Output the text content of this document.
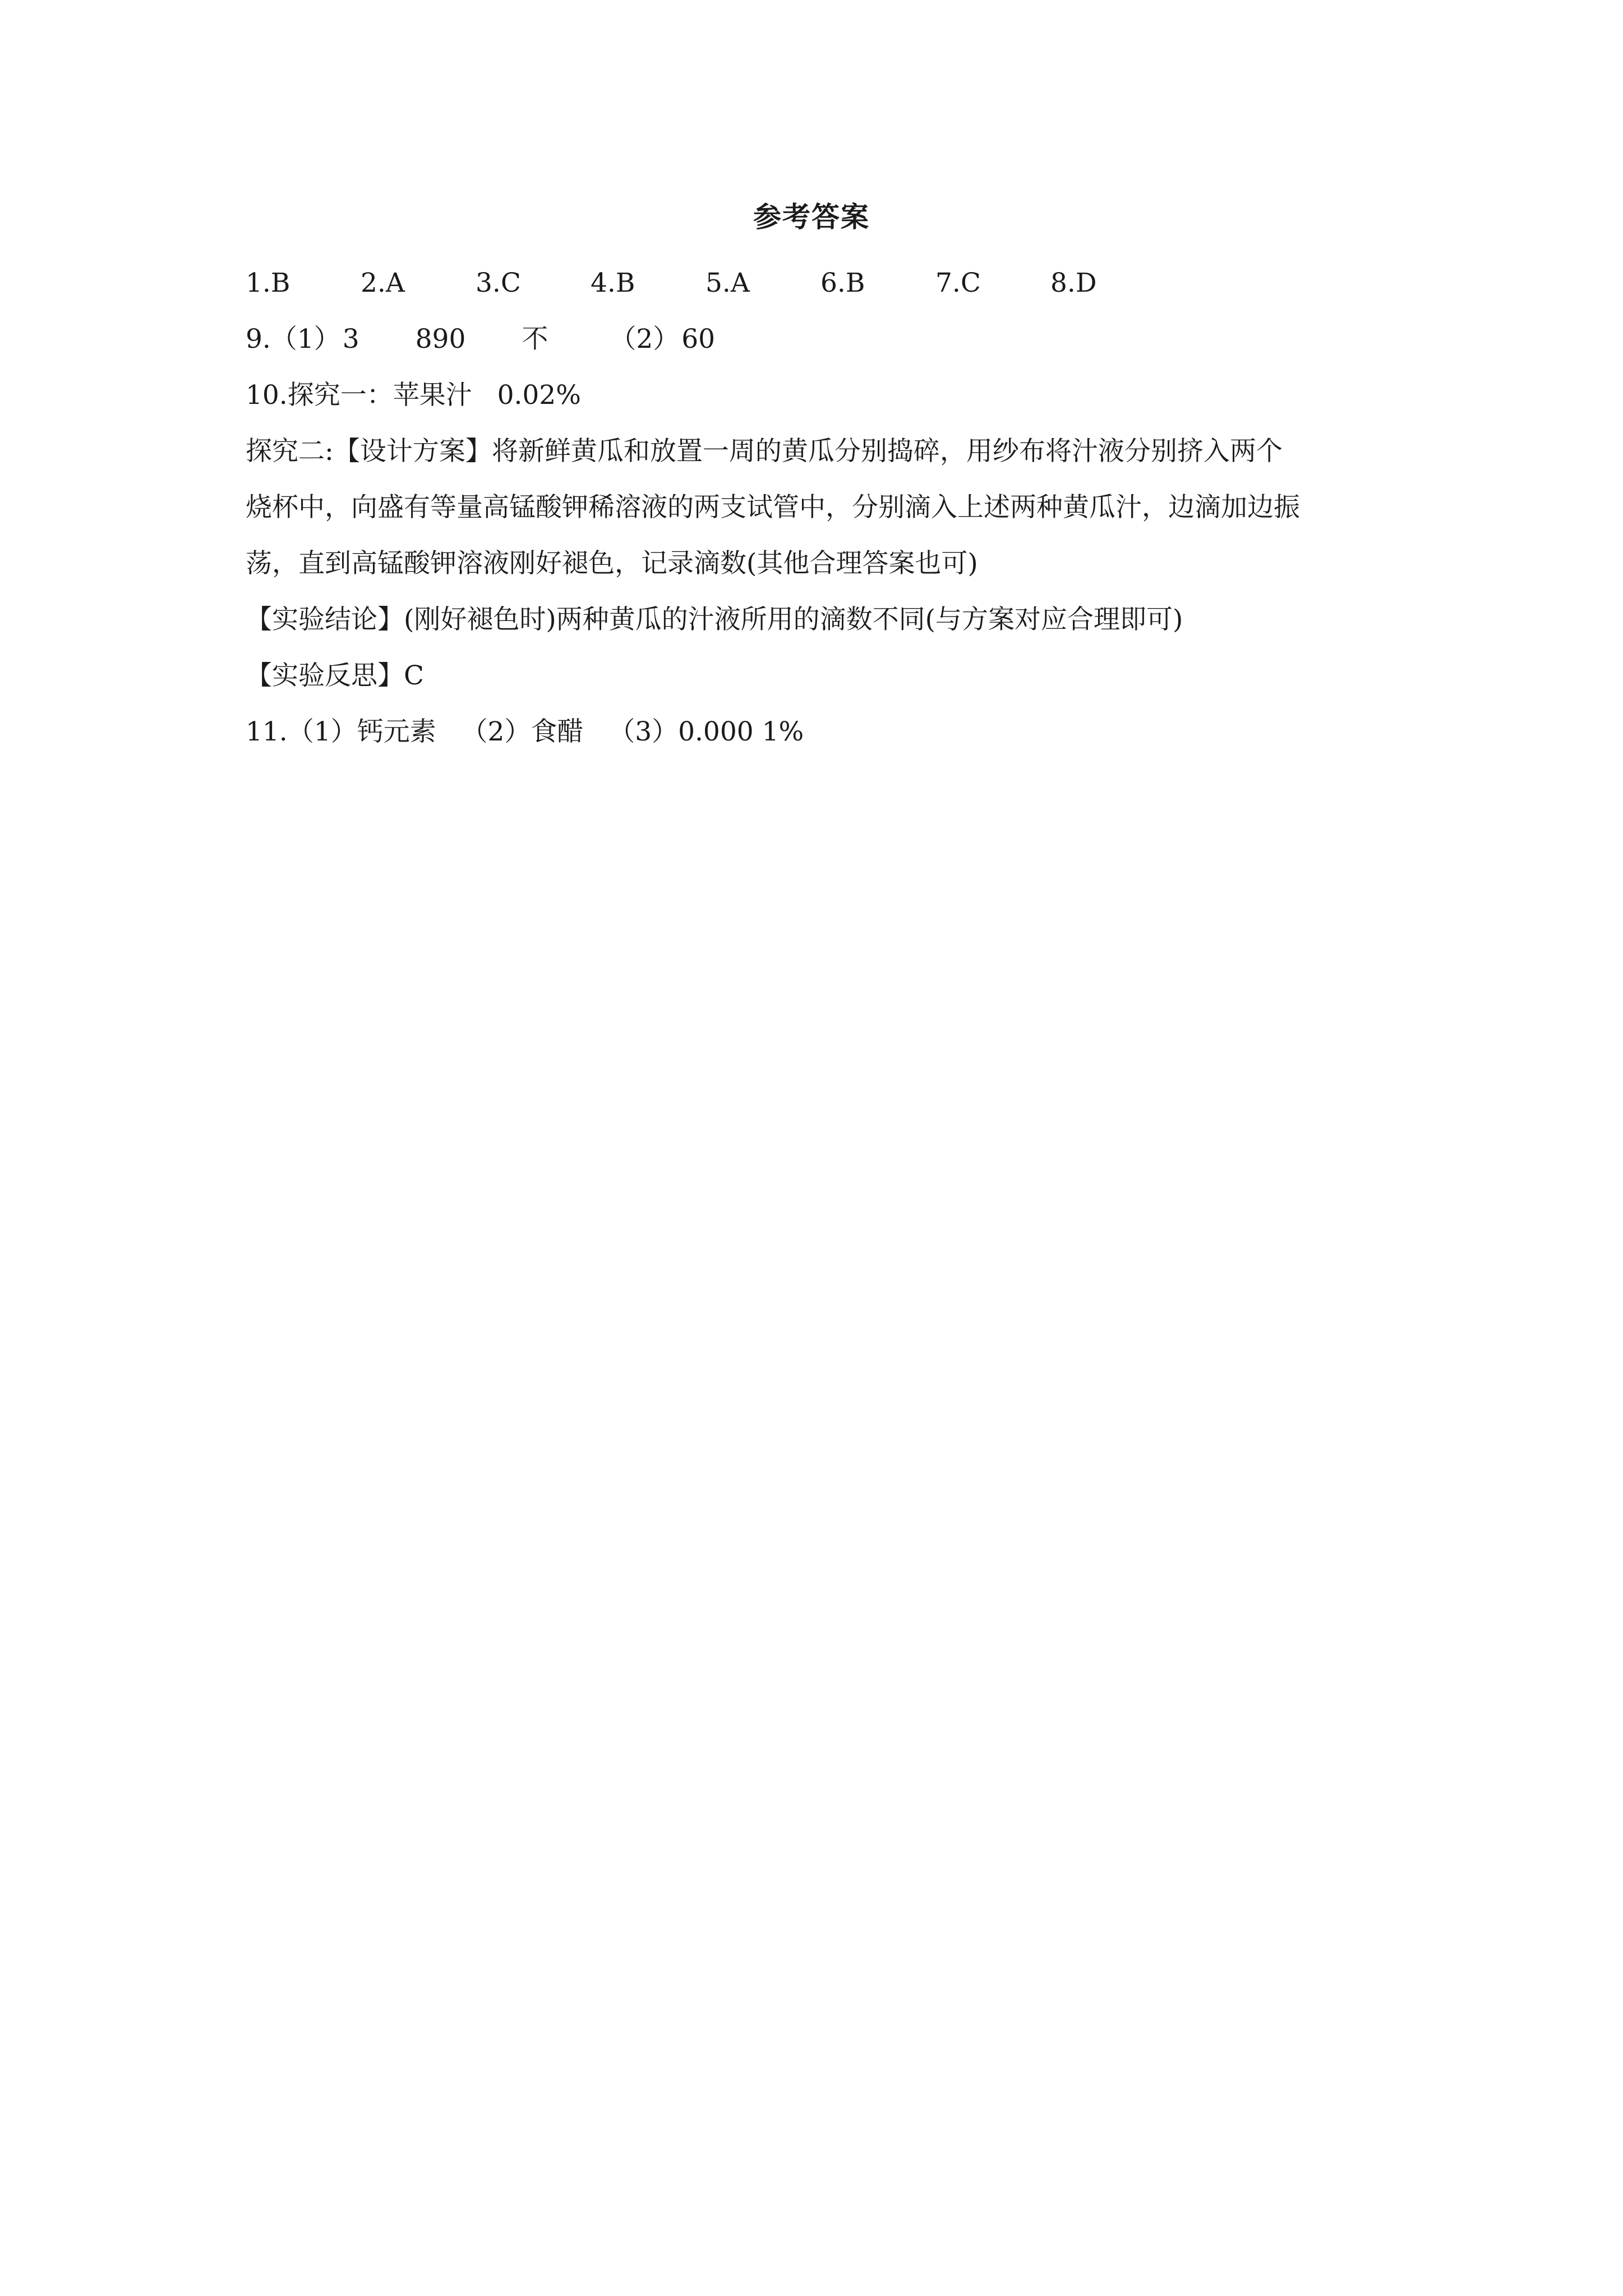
参考答案
1.B	2.A	3.C	4.B	5.A	6.B	7.C	8.D
9. （1） 3 890 不 （2） 60

10.探究一：苹果汁   0.02%

探究二:【设计方案】将新鲜黄瓜和放置一周的黄瓜分别捣碎，用纱布将汁液分别挤入两个

烧杯中，向盛有等量高锰酸钾稀溶液的两支试管中，分别滴入上述两种黄瓜汁，边滴加边振

荡，直到高锰酸钾溶液刚好褪色，记录滴数(其他合理答案也可)

【实验结论】(刚好褪色时)两种黄瓜的汁液所用的滴数不同(与方案对应合理即可)

【实验反思】C

11.（1）钙元素   （2）食醋   （3）0.000 1%
